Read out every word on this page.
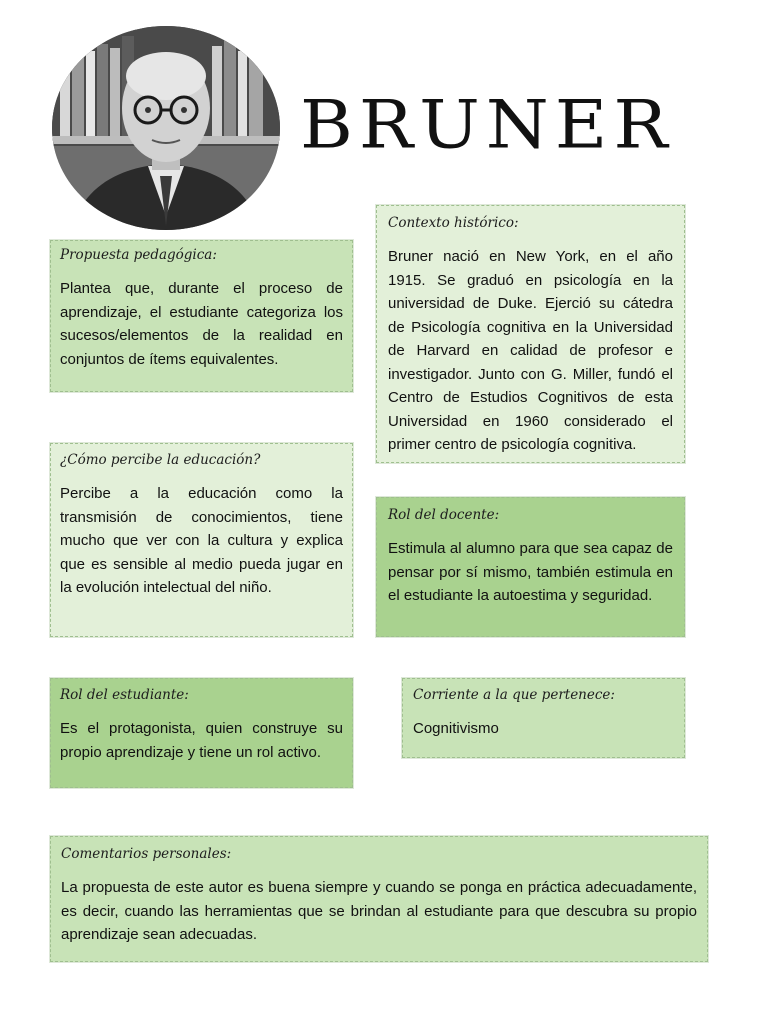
BRUNER

Propuesta pedagógica:

Plantea que, durante el proceso de aprendizaje, el estudiante categoriza los sucesos/elementos de la realidad en conjuntos de ítems equivalentes.

Contexto histórico:

Bruner nació en New York, en el año 1915. Se graduó en psicología en la universidad de Duke. Ejerció su cátedra de Psicología cognitiva en la Universidad de Harvard en calidad de profesor e investigador. Junto con G. Miller, fundó el Centro de Estudios Cognitivos de esta Universidad en 1960 considerado el primer centro de psicología cognitiva.

¿Cómo percibe la educación?

Percibe a la educación como la transmisión de conocimientos, tiene mucho que ver con la cultura y explica que es sensible al medio pueda jugar en la evolución intelectual del niño.

Rol del docente:

Estimula al alumno para que sea capaz de pensar por sí mismo, también estimula en el estudiante la autoestima y seguridad.

Rol del estudiante:

Es el protagonista, quien construye su propio aprendizaje y tiene un rol activo.

Corriente a la que pertenece:

Cognitivismo

Comentarios personales:

La propuesta de este autor es buena siempre y cuando se ponga en práctica adecuadamente, es decir, cuando las herramientas que se brindan al estudiante para que descubra su propio aprendizaje sean adecuadas.
